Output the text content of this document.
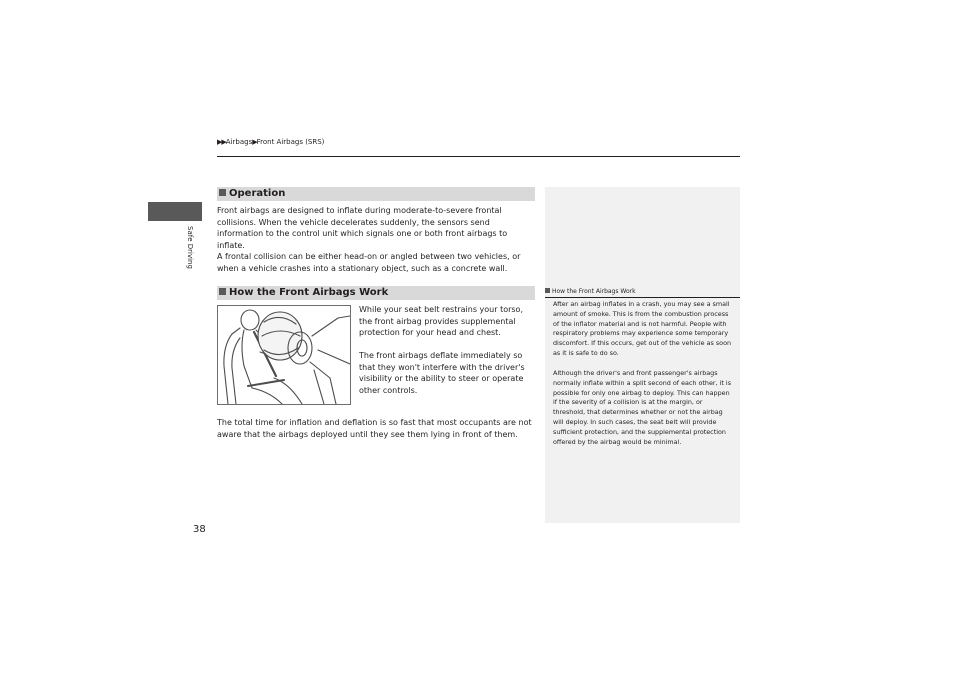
▶▶Airbags▶Front Airbags (SRS)
Safe Driving
Operation
Front airbags are designed to inflate during moderate-to-severe frontal collisions. When the vehicle decelerates suddenly, the sensors send information to the control unit which signals one or both front airbags to inflate.
A frontal collision can be either head-on or angled between two vehicles, or when a vehicle crashes into a stationary object, such as a concrete wall.
How the Front Airbags Work
While your seat belt restrains your torso, the front airbag provides supplemental protection for your head and chest.
The front airbags deflate immediately so that they won't interfere with the driver's visibility or the ability to steer or operate other controls.
The total time for inflation and deflation is so fast that most occupants are not aware that the airbags deployed until they see them lying in front of them.
How the Front Airbags Work
After an airbag inflates in a crash, you may see a small amount of smoke. This is from the combustion process of the inflator material and is not harmful. People with respiratory problems may experience some temporary discomfort. If this occurs, get out of the vehicle as soon as it is safe to do so.
Although the driver's and front passenger's airbags normally inflate within a split second of each other, it is possible for only one airbag to deploy. This can happen if the severity of a collision is at the margin, or threshold, that determines whether or not the airbag will deploy. In such cases, the seat belt will provide sufficient protection, and the supplemental protection offered by the airbag would be minimal.
38
